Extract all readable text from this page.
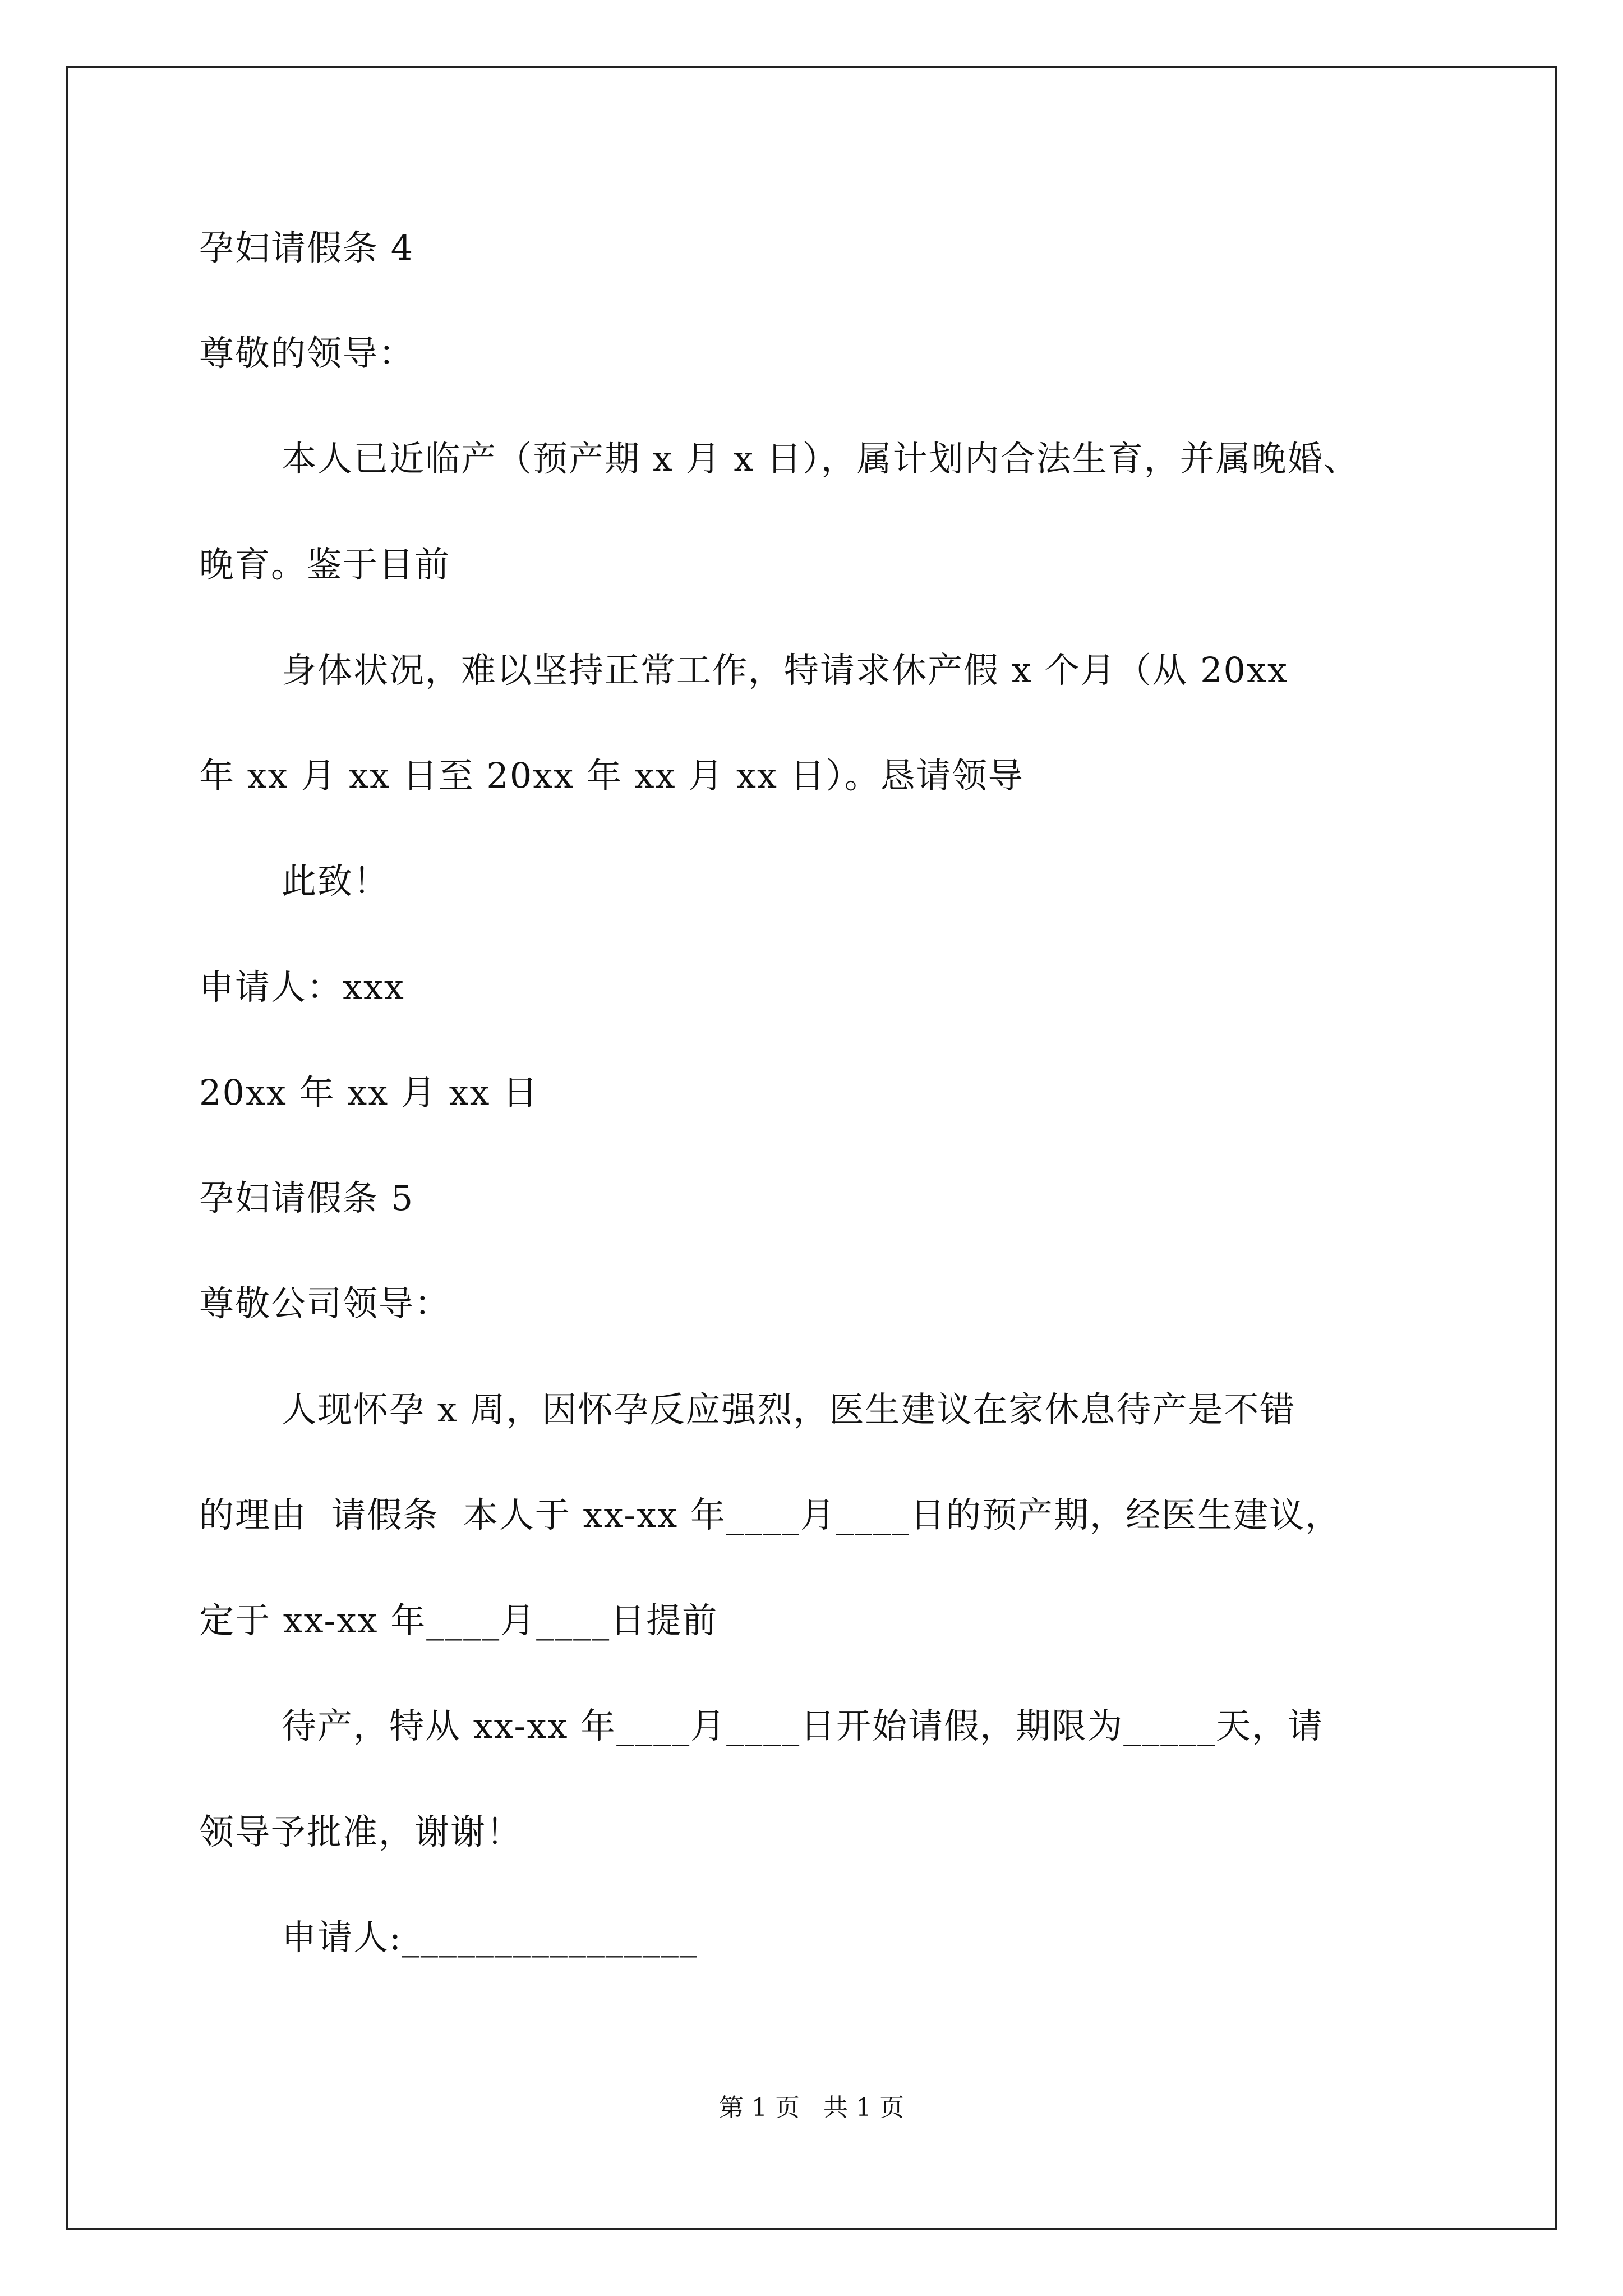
孕妇请假条 4
尊敬的领导：
本人已近临产（预产期 x 月 x 日），属计划内合法生育，并属晚婚、
晚育。鉴于目前
身体状况，难以坚持正常工作，特请求休产假 x 个月（从 20xx
年 xx 月 xx 日至 20xx 年 xx 月 xx 日）。恳请领导
此致！
申请人：xxx
20xx 年 xx 月 xx 日
孕妇请假条 5
尊敬公司领导：
人现怀孕 x 周，因怀孕反应强烈，医生建议在家休息待产是不错
的理由  请假条  本人于 xx-xx 年____月____日的预产期，经医生建议，
定于 xx-xx 年____月____日提前
待产，特从 xx-xx 年____月____日开始请假，期限为_____天，请
领导予批准，谢谢！
申请人:________________
第 1 页   共 1 页
